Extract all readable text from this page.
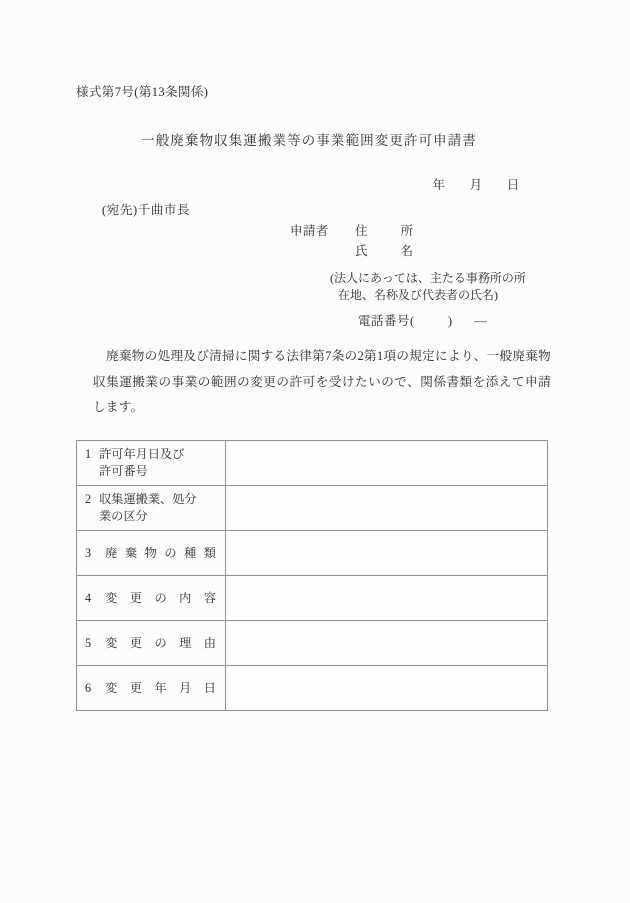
様式第7号(第13条関係)
一般廃棄物収集運搬業等の事業範囲変更許可申請書
年 月 日
(宛先)千曲市長
申請者 住　所
氏　名
(法人にあっては、主たる事務所の所
在地、名称及び代表者の氏名)
電話番号(	) —
廃棄物の処理及び清掃に関する法律第7条の2第1項の規定により、一般廃棄物収集運搬業の事業の範囲の変更の許可を受けたいので、関係書類を添えて申請します。
1 許可年月日及び
許可番号	

2 収集運搬業、処分
業の区分	

3 廃棄物の種類	

4 変更の内容	

5 変更の理由	

6 変更年月日	
